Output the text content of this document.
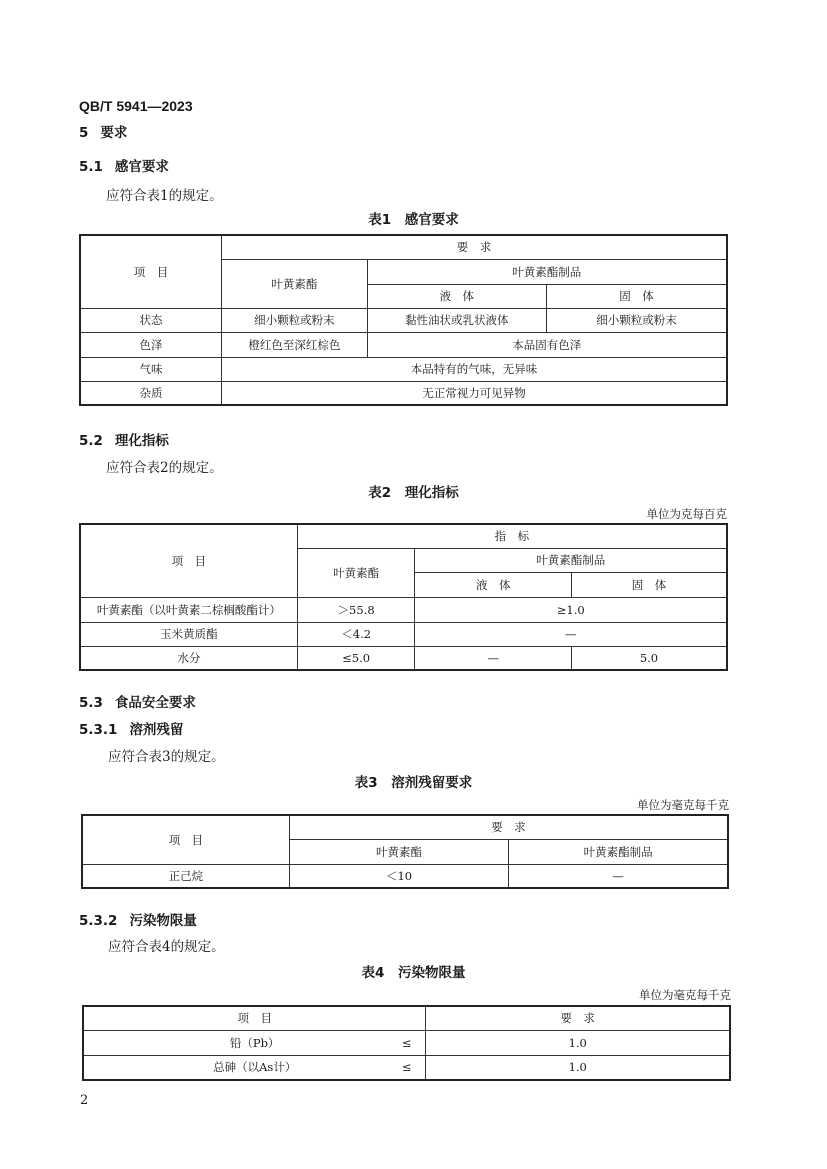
QB/T 5941—2023
5 要求
5.1 感官要求
应符合表1的规定。
表1　感官要求
项　目	要　求		
	叶黄素酯	叶黄素酯制品	
		液　体	固　体
状态	细小颗粒或粉末	黏性油状或乳状液体	细小颗粒或粉末
色泽	橙红色至深红棕色	本品固有色泽	
气味	本品特有的气味，无异味		
杂质	无正常视力可见异物		
5.2 理化指标
应符合表2的规定。
表2　理化指标
单位为克每百克
项　目	指　标		
	叶黄素酯	叶黄素酯制品	
		液　体	固　体
叶黄素酯（以叶黄素二棕榈酸酯计）	＞55.8	≥1.0	
玉米黄质酯	＜4.2	—	
水分	≤5.0	—	5.0
5.3 食品安全要求
5.3.1 溶剂残留
应符合表3的规定。
表3　溶剂残留要求
单位为毫克每千克
项　目	要　求	
	叶黄素酯	叶黄素酯制品
正己烷	＜10	—
5.3.2 污染物限量
应符合表4的规定。
表4　污染物限量
单位为毫克每千克
项　目	要　求
铅（Pb） ≤	1.0
总砷（以As计） ≤	1.0
2
